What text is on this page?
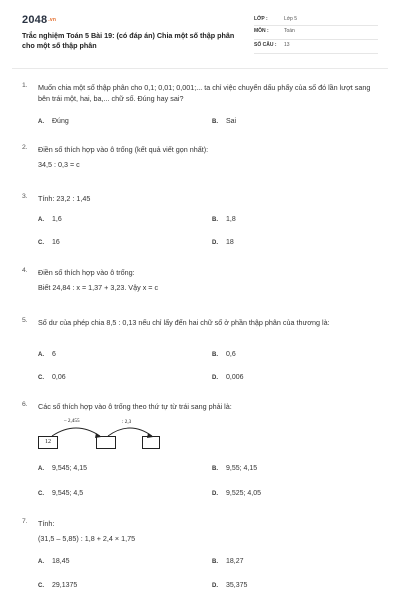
2048.vn
Trắc nghiệm Toán 5 Bài 19: (có đáp án) Chia một số thập phân cho một số thập phân
LỚP :	Lớp 5
MÔN :	Toán
SỐ CÂU : 13
1. Muốn chia một số thập phân cho 0,1; 0,01; 0,001;... ta chỉ việc chuyển dấu phẩy của số đó lần lượt sang bên trái một, hai, ba,... chữ số. Đúng hay sai?
A. Đúng	B. Sai
2. Điền số thích hợp vào ô trống (kết quả viết gọn nhất):
34,5 : 0,3 = c
3. Tính: 23,2 : 1,45
A. 1,6	B. 1,8
C. 16	D. 18
4. Điền số thích hợp vào ô trống:
Biết 24,84 : x = 1,37 + 3,23. Vậy x = c
5. Số dư của phép chia 8,5 : 0,13 nếu chỉ lấy đến hai chữ số ở phần thập phân của thương là:
A. 6	B. 0,6
C. 0,06	D. 0,006
6. Các số thích hợp vào ô trống theo thứ tự từ trái sang phải là:
A. 9,545; 4,15	B. 9,55; 4,15
C. 9,545; 4,5	D. 9,525; 4,05
12
– 2,455	: 2,3
7. Tính:
(31,5 – 5,85) : 1,8 + 2,4 × 1,75
A. 18,45	B. 18,27
C. 29,1375	D. 35,375
